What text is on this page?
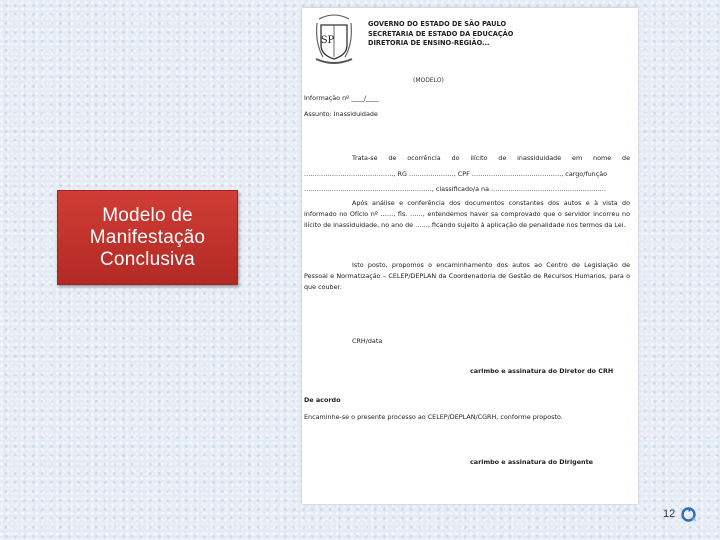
Modelo de
Manifestação
Conclusiva
SP
GOVERNO DO ESTADO DE SÃO PAULO
SECRETARIA DE ESTADO DA EDUCAÇÃO
DIRETORIA DE ENSINO-REGIÃO...
(MODELO)
Informação nº ____/____
Assunto: Inassiduidade
Trata-se de ocorrência do ilícito de inassiduidade em nome de
……………………………………, RG …………………, CPF ……………………………………, cargo/função
……………………………………………………, classificado/a na ………………………………………………
Após análise e conferência dos documentos constantes dos autos e à vista do informado no Ofício nº ……, fls. ……, entendemos haver sa comprovado que o servidor incorreu no ilícito de inassiduidade, no ano de ……, ficando sujeito à aplicação de penalidade nos termos da Lei.
Isto posto, propomos o encaminhamento dos autos ao Centro de Legislação de Pessoal e Normatização – CELEP/DEPLAN da Coordenadoria de Gestão de Recursos Humanos, para o que couber.
CRH/data
carimbo e assinatura do Diretor do CRH
De acordo
Encaminhe-se o presente processo ao CELEP/DEPLAN/CGRH, conforme proposto.
carimbo e assinatura do Dirigente
12
